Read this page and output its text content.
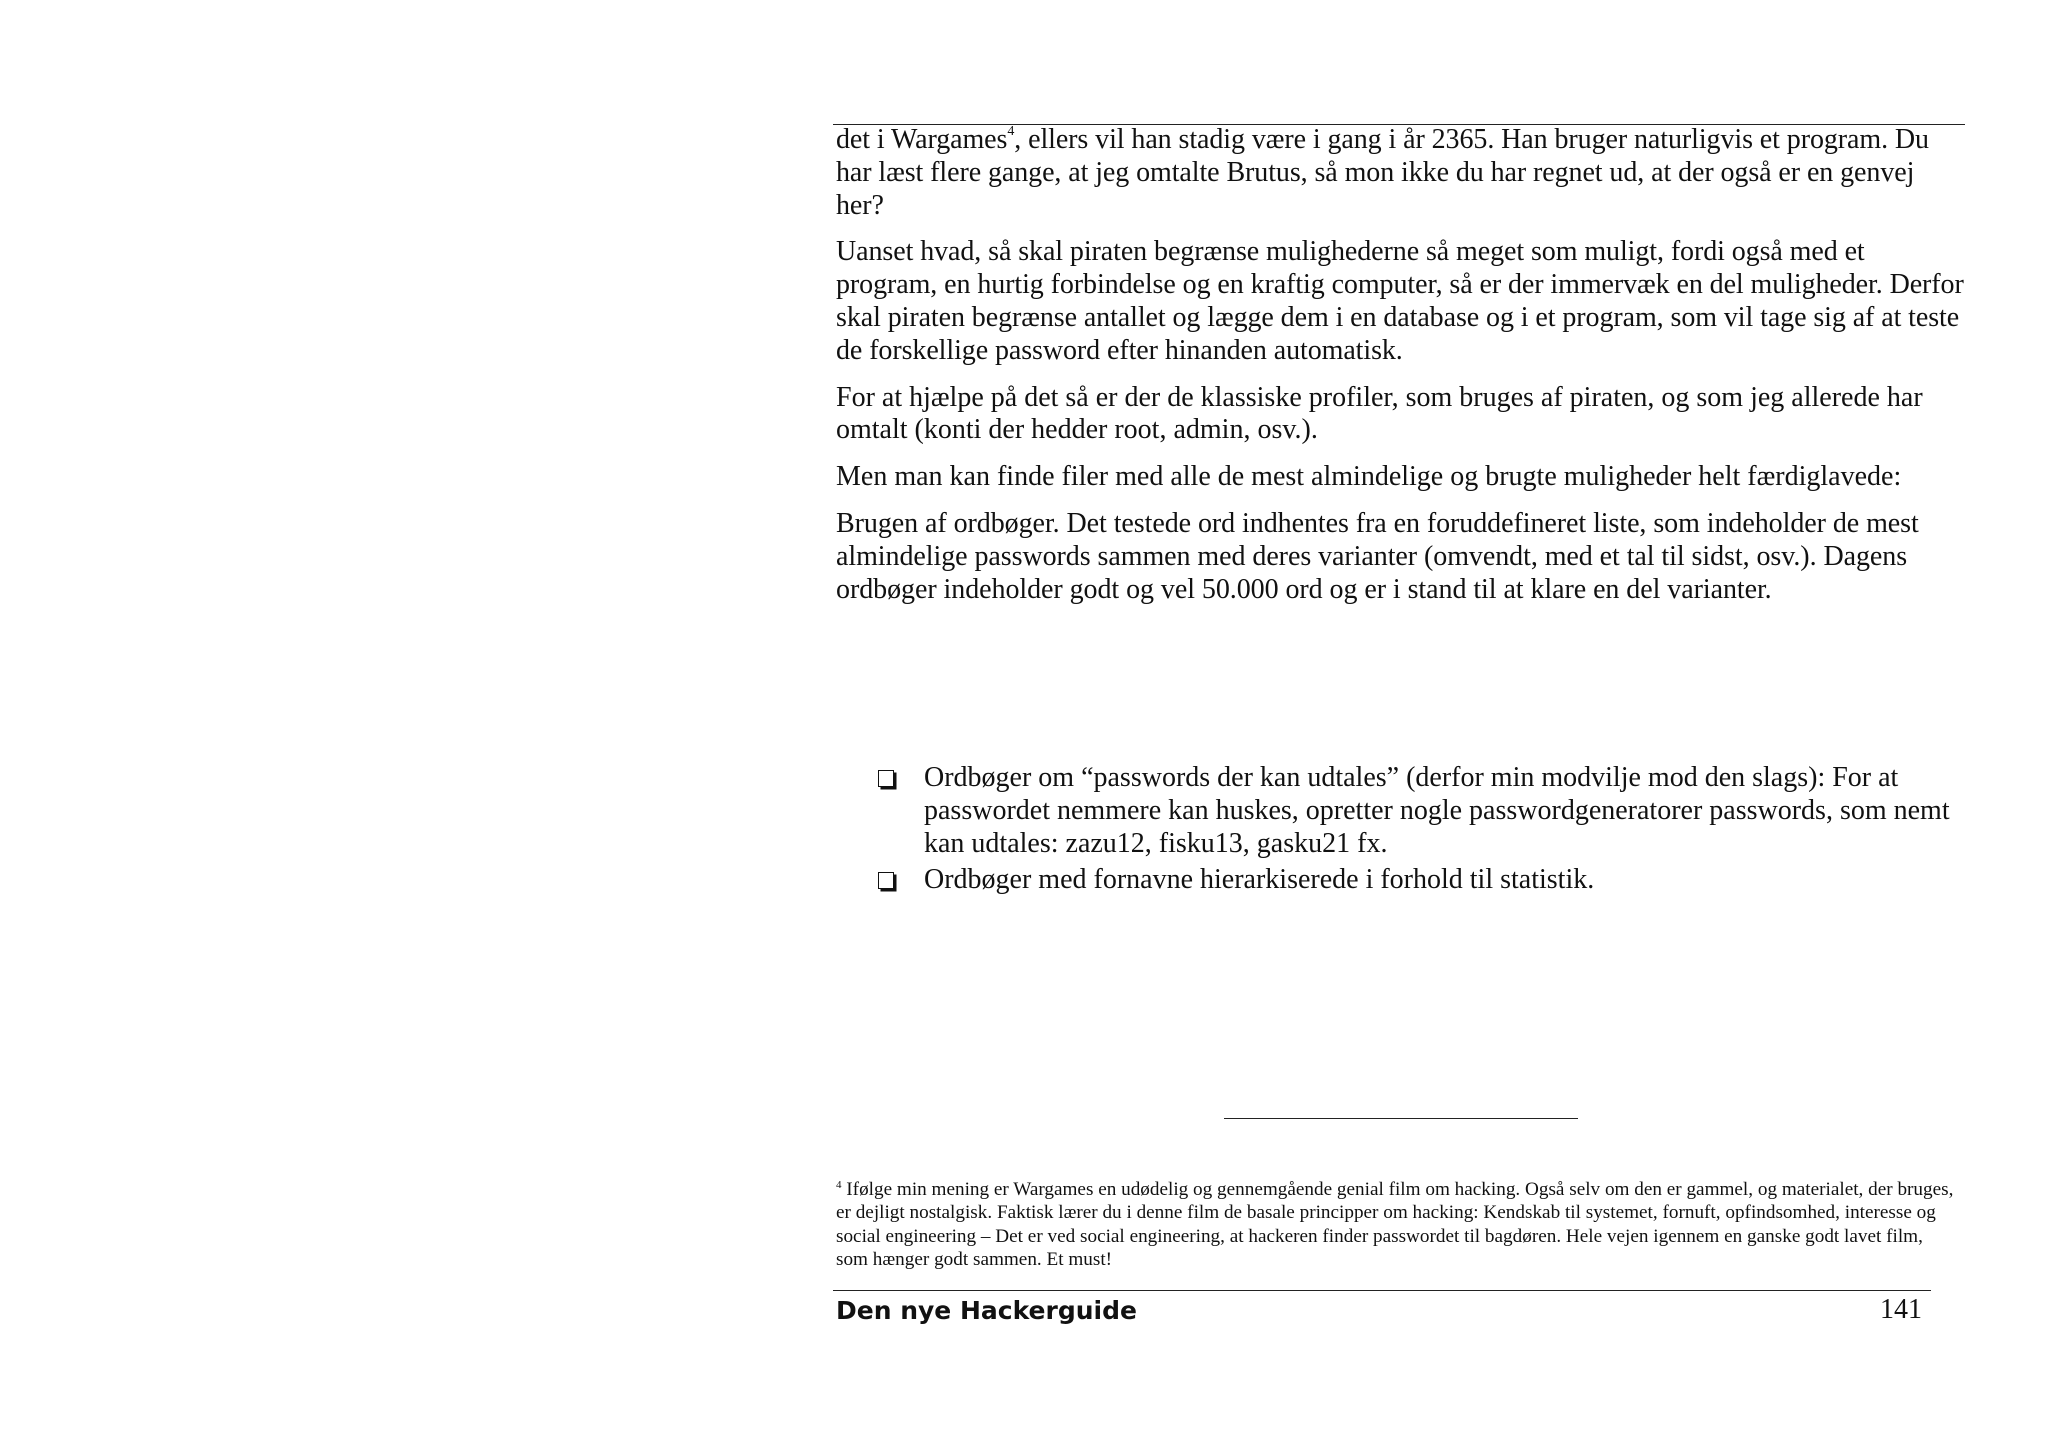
det i Wargames$^4$, ellers vil han stadig være i gang i år 2365. Han bruger naturligvis et program. Du har læst flere gange, at jeg omtalte Brutus, så mon ikke du har regnet ud, at der også er en genvej her?

Uanset hvad, så skal piraten begrænse mulighederne så meget som muligt, fordi også med et program, en hurtig forbindelse og en kraftig computer, så er der immervæk en del muligheder. Derfor skal piraten begrænse antallet og lægge dem i en database og i et program, som vil tage sig af at teste de forskellige password efter hinanden automatisk.

For at hjælpe på det så er der de klassiske profiler, som bruges af piraten, og som jeg allerede har omtalt (konti der hedder root, admin, osv.).

Men man kan finde filer med alle de mest almindelige og brugte muligheder helt færdiglavede:

Brugen af ordbøger. Det testede ord indhentes fra en foruddefineret liste, som indeholder de mest almindelige passwords sammen med deres varianter (omvendt, med et tal til sidst, osv.). Dagens ordbøger indeholder godt og vel 50.000 ord og er i stand til at klare en del varianter.

Ordbøger om “passwords der kan udtales” (derfor min modvilje mod den slags): For at passwordet nemmere kan huskes, opretter nogle passwordgeneratorer passwords, som nemt kan udtales: zazu12, fisku13, gasku21 fx.
Ordbøger med fornavne hierarkiserede i forhold til statistik.

$^4$ Ifølge min mening er Wargames en udødelig og gennemgående genial film om hacking. Også selv om den er gammel, og materialet, der bruges, er dejligt nostalgisk. Faktisk lærer du i denne film de basale principper om hacking: Kendskab til systemet, fornuft, opfindsomhed, interesse og social engineering – Det er ved social engineering, at hackeren finder passwordet til bagdøren. Hele vejen igennem en ganske godt lavet film, som hænger godt sammen. Et must!

Den nye Hackerguide	141
